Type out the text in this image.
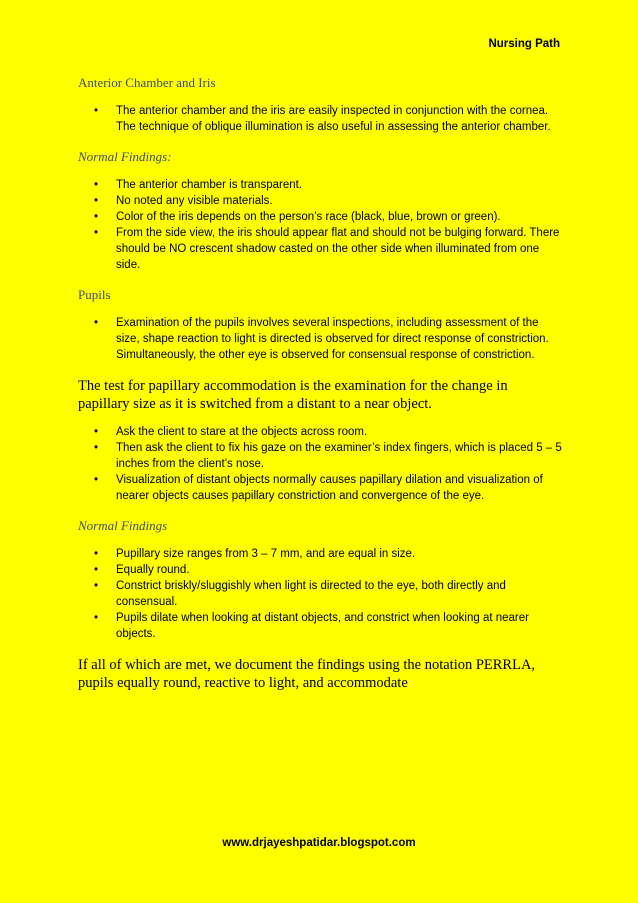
Nursing Path
Anterior Chamber and Iris
• The anterior chamber and the iris are easily inspected in conjunction with the cornea. The technique of oblique illumination is also useful in assessing the anterior chamber.
Normal Findings:
• The anterior chamber is transparent.
• No noted any visible materials.
• Color of the iris depends on the person’s race (black, blue, brown or green).
• From the side view, the iris should appear flat and should not be bulging forward. There should be NO crescent shadow casted on the other side when illuminated from one side.
Pupils
• Examination of the pupils involves several inspections, including assessment of the size, shape reaction to light is directed is observed for direct response of constriction. Simultaneously, the other eye is observed for consensual response of constriction.
The test for papillary accommodation is the examination for the change in papillary size as it is switched from a distant to a near object.
• Ask the client to stare at the objects across room.
• Then ask the client to fix his gaze on the examiner’s index fingers, which is placed 5 – 5 inches from the client’s nose.
• Visualization of distant objects normally causes papillary dilation and visualization of nearer objects causes papillary constriction and convergence of the eye.
Normal Findings
• Pupillary size ranges from 3 – 7 mm, and are equal in size.
• Equally round.
• Constrict briskly/sluggishly when light is directed to the eye, both directly and consensual.
• Pupils dilate when looking at distant objects, and constrict when looking at nearer objects.
If all of which are met, we document the findings using the notation PERRLA, pupils equally round, reactive to light, and accommodate
www.drjayeshpatidar.blogspot.com
